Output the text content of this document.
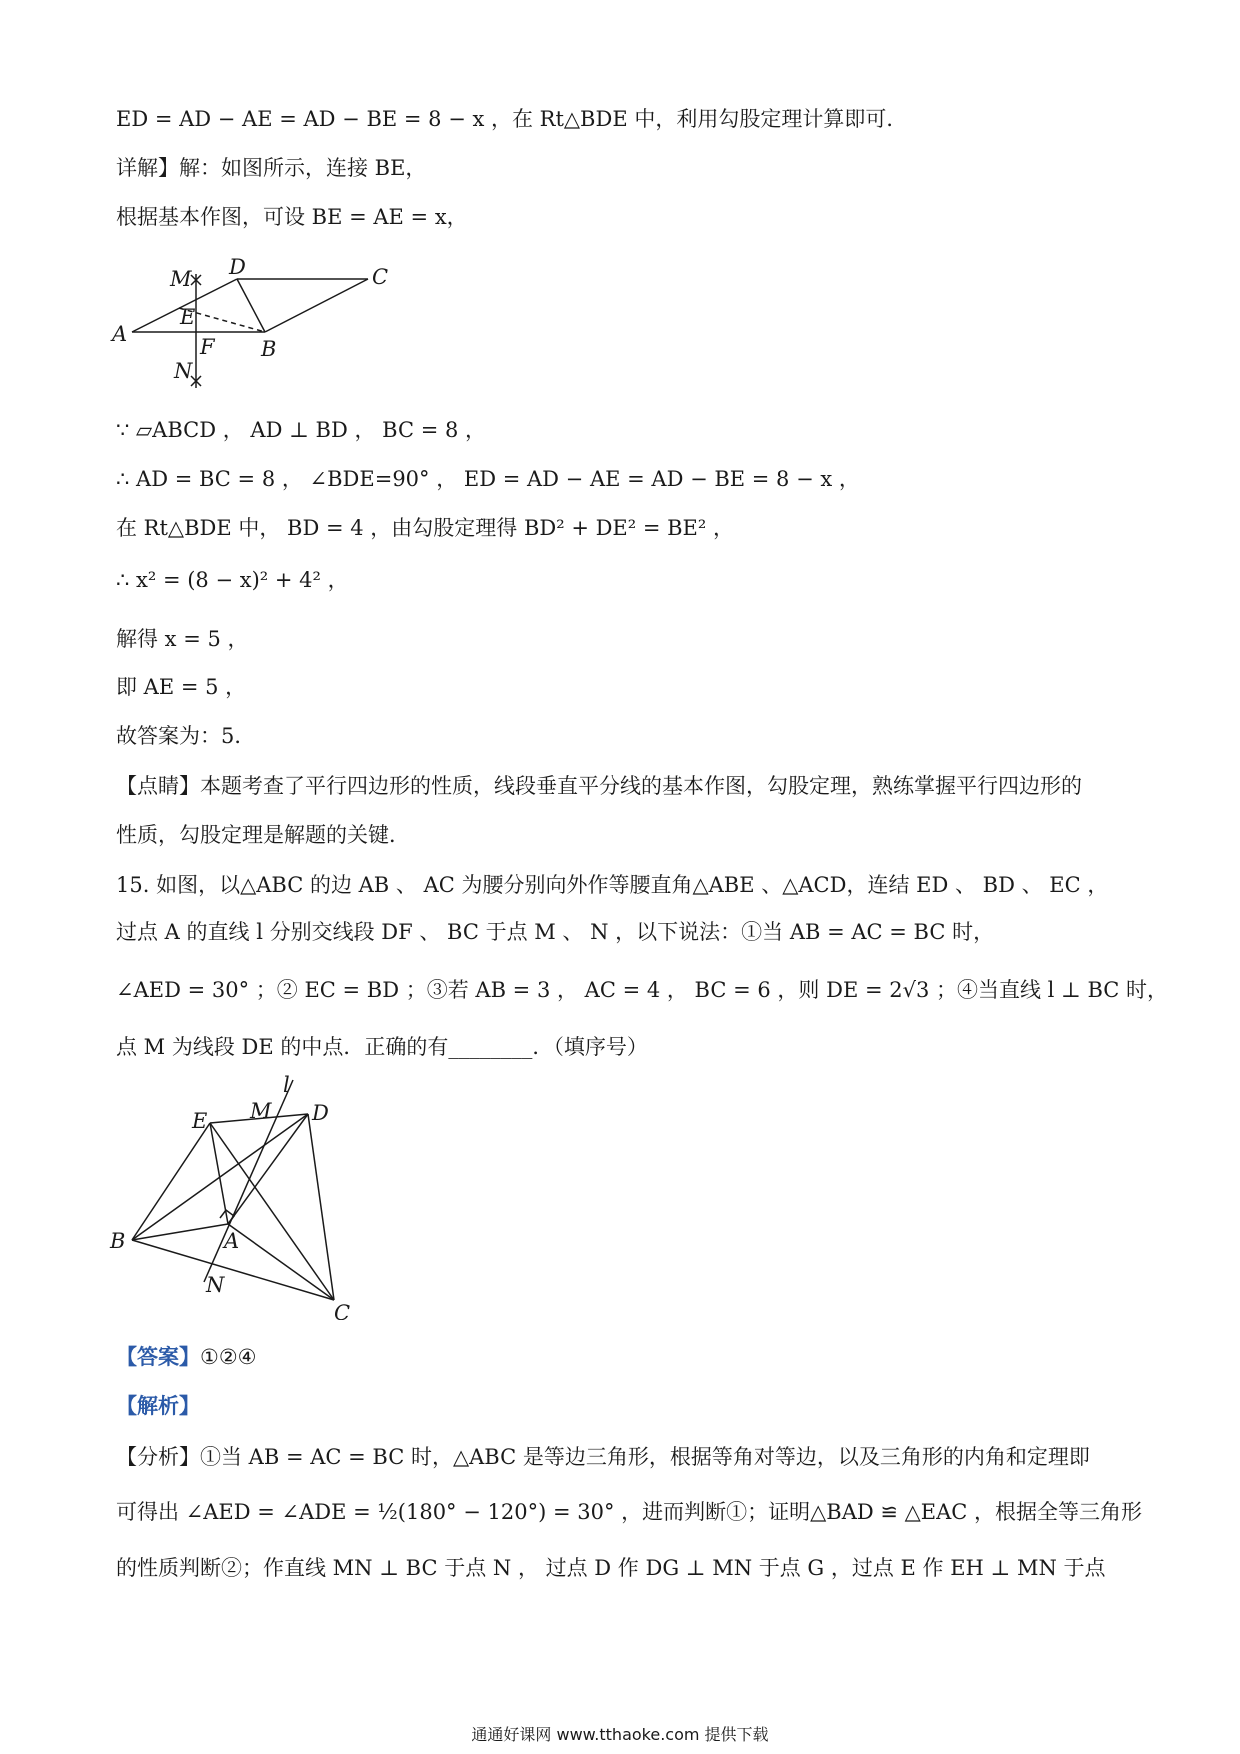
ED = AD − AE = AD − BE = 8 − x ，在 Rt△BDE 中，利用勾股定理计算即可．
详解】解：如图所示，连接 BE，
根据基本作图，可设 BE = AE = x，
A
B
C
D
E
F
M
N
∵ ▱ABCD ， AD ⊥ BD ， BC = 8 ，
∴ AD = BC = 8 ， ∠BDE=90° ， ED = AD − AE = AD − BE = 8 − x ，
在 Rt△BDE 中， BD = 4 ，由勾股定理得 BD² + DE² = BE² ，
∴ x² = (8 − x)² + 4² ，
解得 x = 5 ，
即 AE = 5 ，
故答案为：5．
【点睛】本题考查了平行四边形的性质，线段垂直平分线的基本作图，勾股定理，熟练掌握平行四边形的
性质，勾股定理是解题的关键．
15. 如图，以△ABC 的边 AB 、 AC 为腰分别向外作等腰直角△ABE 、△ACD，连结 ED 、 BD 、 EC ，
过点 A 的直线 l 分别交线段 DF 、 BC 于点 M 、 N ，以下说法：①当 AB = AC = BC 时，
∠AED = 30° ；② EC = BD ；③若 AB = 3 ， AC = 4 ， BC = 6 ，则 DE = 2√3 ；④当直线 l ⊥ BC 时，
点 M 为线段 DE 的中点．正确的有________．（填序号）
B	A
C
D
E M
N
l
【答案】①②④
【解析】
【分析】①当 AB = AC = BC 时，△ABC 是等边三角形，根据等角对等边，以及三角形的内角和定理即
可得出 ∠AED = ∠ADE = ½(180° − 120°) = 30° ，进而判断①；证明△BAD ≌ △EAC ，根据全等三角形
的性质判断②；作直线 MN ⊥ BC 于点 N ， 过点 D 作 DG ⊥ MN 于点 G ，过点 E 作 EH ⊥ MN 于点
通通好课网 www.tthaoke.com 提供下载
